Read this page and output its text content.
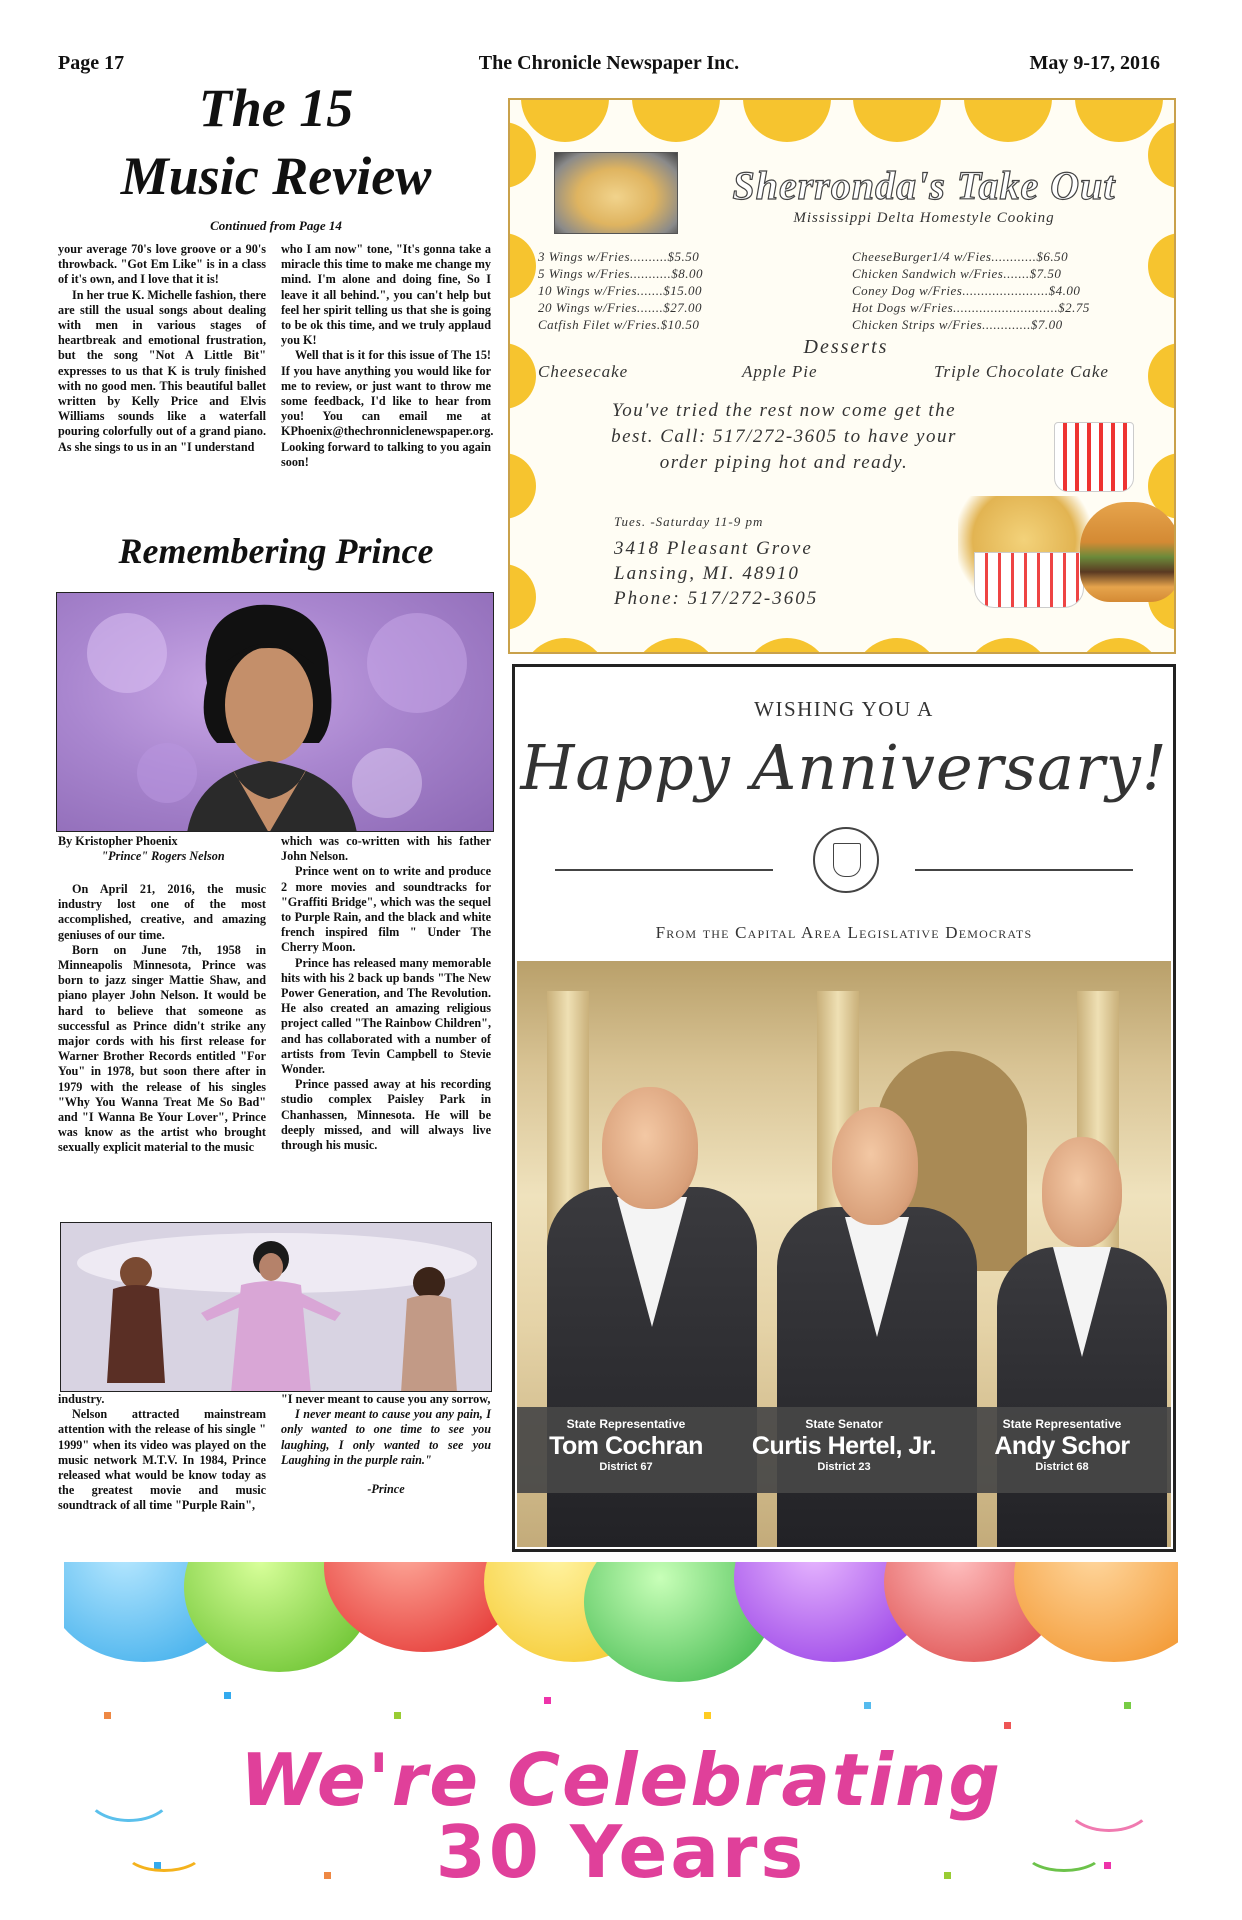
The Chronicle Newspaper Inc.
Page 17	May 9-17, 2016
The 15
Music Review
Continued from Page 14

your average 70's love groove or a 90's throwback. "Got Em Like" is in a class of it's own, and I love that it is!

In her true K. Michelle fashion, there are still the usual songs about dealing with men in various stages of heartbreak and emotional frustration, but the song "Not A Little Bit" expresses to us that K is truly finished with no good men. This beautiful ballet written by Kelly Price and Elvis Williams sounds like a waterfall pouring colorfully out of a grand piano. As she sings to us in an "I understand

who I am now" tone, "It's gonna take a miracle this time to make me change my mind. I'm alone and doing fine, So I leave it all behind.", you can't help but feel her spirit telling us that she is going to be ok this time, and we truly applaud you K!

Well that is it for this issue of The 15! If you have anything you would like for me to review, or just want to throw me some feedback, I'd like to hear from you! You can email me at KPhoenix@thechronniclenewspaper.org. Looking forward to talking to you again soon!

Remembering Prince

By Kristopher Phoenix

"Prince" Rogers Nelson

On April 21, 2016, the music industry lost one of the most accomplished, creative, and amazing geniuses of our time.

Born on June 7th, 1958 in Minneapolis Minnesota, Prince was born to jazz singer Mattie Shaw, and piano player John Nelson. It would be hard to believe that someone as successful as Prince didn't strike any major cords with his first release for Warner Brother Records entitled "For You" in 1978, but soon there after in 1979 with the release of his singles "Why You Wanna Treat Me So Bad" and "I Wanna Be Your Lover", Prince was know as the artist who brought sexually explicit material to the music

which was co-written with his father John Nelson.

Prince went on to write and produce 2 more movies and soundtracks for "Graffiti Bridge", which was the sequel to Purple Rain, and the black and white french inspired film " Under The Cherry Moon.

Prince has released many memorable hits with his 2 back up bands "The New Power Generation, and The Revolution. He also created an amazing religious project called "The Rainbow Children", and has collaborated with a number of artists from Tevin Campbell to Stevie Wonder.

Prince passed away at his recording studio complex Paisley Park in Chanhassen, Minnesota. He will be deeply missed, and will always live through his music.

industry.

Nelson attracted mainstream attention with the release of his single " 1999" when its video was played on the music network M.T.V. In 1984, Prince released what would be know today as the greatest movie and music soundtrack of all time "Purple Rain",

"I never meant to cause you any sorrow,

I never meant to cause you any pain, I only wanted to one time to see you laughing, I only wanted to see you Laughing in the purple rain."

-Prince

Sherronda's Take Out
Mississippi Delta Homestyle Cooking
3 Wings w/Fries..........$5.50
5 Wings w/Fries...........$8.00
10 Wings w/Fries.......$15.00
20 Wings w/Fries.......$27.00
Catfish Filet w/Fries.$10.50
CheeseBurger1/4 w/Fies............$6.50
Chicken Sandwich w/Fries.......$7.50
Coney Dog w/Fries.......................$4.00
Hot Dogs w/Fries............................$2.75
Chicken Strips w/Fries.............$7.00
Desserts
Cheesecake	Apple Pie	Triple Chocolate Cake
You've tried the rest now come get the best. Call: 517/272-3605 to have your order piping hot and ready.
Tues. -Saturday 11-9 pm
3418 Pleasant Grove
Lansing, MI. 48910
Phone: 517/272-3605
WISHING YOU A
Happy Anniversary!
From the Capital Area Legislative Democrats
State Representative
Tom Cochran
District 67
State Senator
Curtis Hertel, Jr.
District 23
State Representative
Andy Schor
District 68
We're Celebrating
30 Years
